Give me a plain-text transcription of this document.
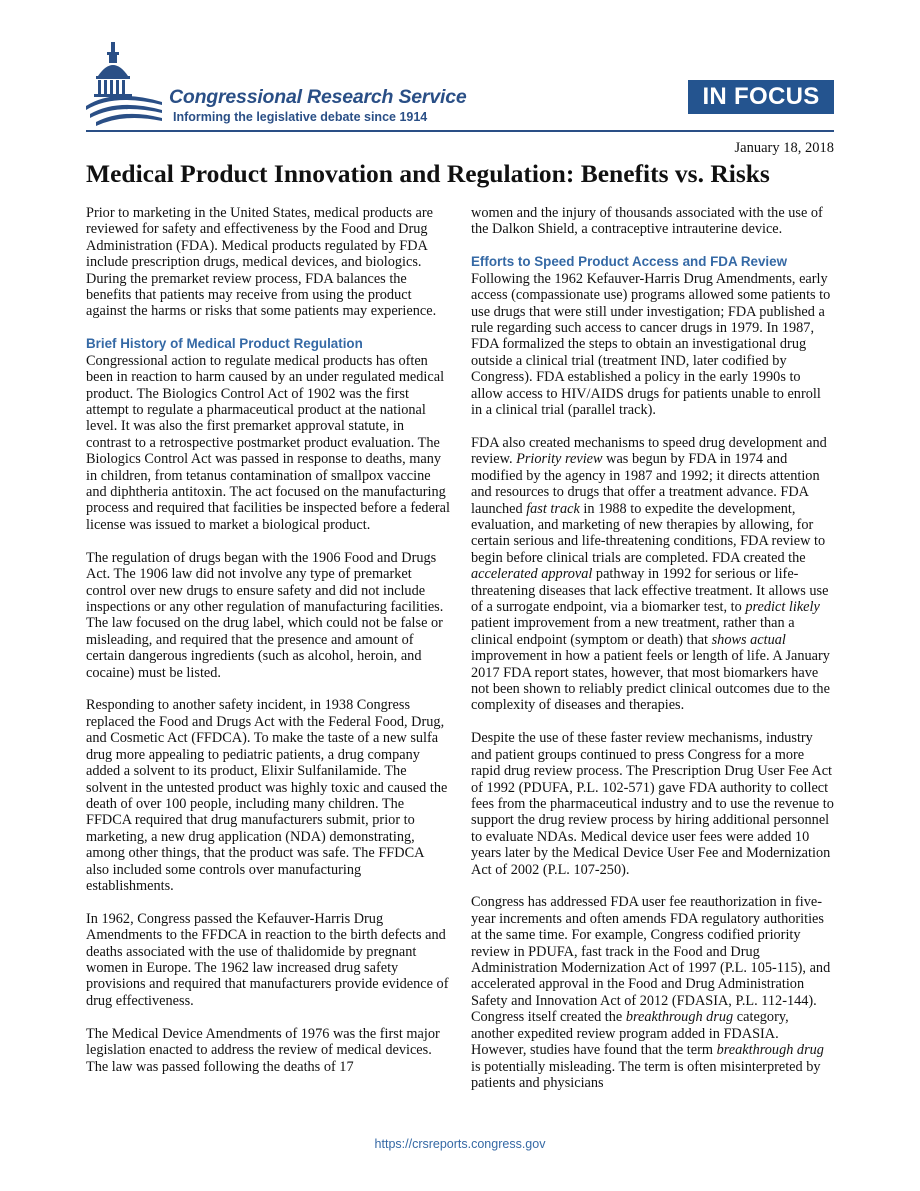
Congressional Research Service
Informing the legislative debate since 1914
IN FOCUS
January 18, 2018
Medical Product Innovation and Regulation: Benefits vs. Risks

Prior to marketing in the United States, medical products are reviewed for safety and effectiveness by the Food and Drug Administration (FDA). Medical products regulated by FDA include prescription drugs, medical devices, and biologics. During the premarket review process, FDA balances the benefits that patients may receive from using the product against the harms or risks that some patients may experience.

Brief History of Medical Product Regulation

Congressional action to regulate medical products has often been in reaction to harm caused by an under regulated medical product. The Biologics Control Act of 1902 was the first attempt to regulate a pharmaceutical product at the national level. It was also the first premarket approval statute, in contrast to a retrospective postmarket product evaluation. The Biologics Control Act was passed in response to deaths, many in children, from tetanus contamination of smallpox vaccine and diphtheria antitoxin. The act focused on the manufacturing process and required that facilities be inspected before a federal license was issued to market a biological product.

The regulation of drugs began with the 1906 Food and Drugs Act. The 1906 law did not involve any type of premarket control over new drugs to ensure safety and did not include inspections or any other regulation of manufacturing facilities. The law focused on the drug label, which could not be false or misleading, and required that the presence and amount of certain dangerous ingredients (such as alcohol, heroin, and cocaine) must be listed.

Responding to another safety incident, in 1938 Congress replaced the Food and Drugs Act with the Federal Food, Drug, and Cosmetic Act (FFDCA). To make the taste of a new sulfa drug more appealing to pediatric patients, a drug company added a solvent to its product, Elixir Sulfanilamide. The solvent in the untested product was highly toxic and caused the death of over 100 people, including many children. The FFDCA required that drug manufacturers submit, prior to marketing, a new drug application (NDA) demonstrating, among other things, that the product was safe. The FFDCA also included some controls over manufacturing establishments.

In 1962, Congress passed the Kefauver-Harris Drug Amendments to the FFDCA in reaction to the birth defects and deaths associated with the use of thalidomide by pregnant women in Europe. The 1962 law increased drug safety provisions and required that manufacturers provide evidence of drug effectiveness.

The Medical Device Amendments of 1976 was the first major legislation enacted to address the review of medical devices. The law was passed following the deaths of 17

women and the injury of thousands associated with the use of the Dalkon Shield, a contraceptive intrauterine device.

Efforts to Speed Product Access and FDA Review

Following the 1962 Kefauver-Harris Drug Amendments, early access (compassionate use) programs allowed some patients to use drugs that were still under investigation; FDA published a rule regarding such access to cancer drugs in 1979. In 1987, FDA formalized the steps to obtain an investigational drug outside a clinical trial (treatment IND, later codified by Congress). FDA established a policy in the early 1990s to allow access to HIV/AIDS drugs for patients unable to enroll in a clinical trial (parallel track).

FDA also created mechanisms to speed drug development and review. Priority review was begun by FDA in 1974 and modified by the agency in 1987 and 1992; it directs attention and resources to drugs that offer a treatment advance. FDA launched fast track in 1988 to expedite the development, evaluation, and marketing of new therapies by allowing, for certain serious and life-threatening conditions, FDA review to begin before clinical trials are completed. FDA created the accelerated approval pathway in 1992 for serious or life-threatening diseases that lack effective treatment. It allows use of a surrogate endpoint, via a biomarker test, to predict likely patient improvement from a new treatment, rather than a clinical endpoint (symptom or death) that shows actual improvement in how a patient feels or length of life. A January 2017 FDA report states, however, that most biomarkers have not been shown to reliably predict clinical outcomes due to the complexity of diseases and therapies.

Despite the use of these faster review mechanisms, industry and patient groups continued to press Congress for a more rapid drug review process. The Prescription Drug User Fee Act of 1992 (PDUFA, P.L. 102-571) gave FDA authority to collect fees from the pharmaceutical industry and to use the revenue to support the drug review process by hiring additional personnel to evaluate NDAs. Medical device user fees were added 10 years later by the Medical Device User Fee and Modernization Act of 2002 (P.L. 107-250).

Congress has addressed FDA user fee reauthorization in five-year increments and often amends FDA regulatory authorities at the same time. For example, Congress codified priority review in PDUFA, fast track in the Food and Drug Administration Modernization Act of 1997 (P.L. 105-115), and accelerated approval in the Food and Drug Administration Safety and Innovation Act of 2012 (FDASIA, P.L. 112-144). Congress itself created the breakthrough drug category, another expedited review program added in FDASIA. However, studies have found that the term breakthrough drug is potentially misleading. The term is often misinterpreted by patients and physicians

https://crsreports.congress.gov
